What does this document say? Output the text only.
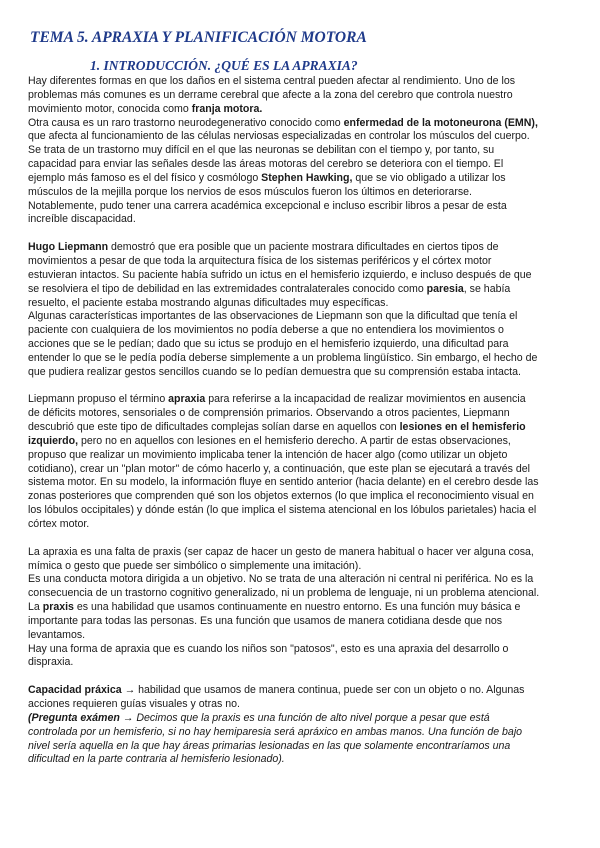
TEMA 5. APRAXIA Y PLANIFICACIÓN MOTORA
1. INTRODUCCIÓN. ¿QUÉ ES LA APRAXIA?

Hay diferentes formas en que los daños en el sistema central pueden afectar al rendimiento. Uno de los problemas más comunes es un derrame cerebral que afecte a la zona del cerebro que controla nuestro movimiento motor, conocida como franja motora.

Otra causa es un raro trastorno neurodegenerativo conocido como enfermedad de la motoneurona (EMN), que afecta al funcionamiento de las células nerviosas especializadas en controlar los músculos del cuerpo. Se trata de un trastorno muy difícil en el que las neuronas se debilitan con el tiempo y, por tanto, su capacidad para enviar las señales desde las áreas motoras del cerebro se deteriora con el tiempo. El ejemplo más famoso es el del físico y cosmólogo Stephen Hawking, que se vio obligado a utilizar los músculos de la mejilla porque los nervios de esos músculos fueron los últimos en deteriorarse. Notablemente, pudo tener una carrera académica excepcional e incluso escribir libros a pesar de esta increíble discapacidad.

Hugo Liepmann demostró que era posible que un paciente mostrara dificultades en ciertos tipos de movimientos a pesar de que toda la arquitectura física de los sistemas periféricos y el córtex motor estuvieran intactos. Su paciente había sufrido un ictus en el hemisferio izquierdo, e incluso después de que se resolviera el tipo de debilidad en las extremidades contralaterales conocido como paresia, se había resuelto, el paciente estaba mostrando algunas dificultades muy específicas.

Algunas características importantes de las observaciones de Liepmann son que la dificultad que tenía el paciente con cualquiera de los movimientos no podía deberse a que no entendiera los movimientos o acciones que se le pedían; dado que su ictus se produjo en el hemisferio izquierdo, una dificultad para entender lo que se le pedía podía deberse simplemente a un problema lingüístico. Sin embargo, el hecho de que pudiera realizar gestos sencillos cuando se lo pedían demuestra que su comprensión estaba intacta.

Liepmann propuso el término apraxia para referirse a la incapacidad de realizar movimientos en ausencia de déficits motores, sensoriales o de comprensión primarios. Observando a otros pacientes, Liepmann descubrió que este tipo de dificultades complejas solían darse en aquellos con lesiones en el hemisferio izquierdo, pero no en aquellos con lesiones en el hemisferio derecho. A partir de estas observaciones, propuso que realizar un movimiento implicaba tener la intención de hacer algo (como utilizar un objeto cotidiano), crear un "plan motor" de cómo hacerlo y, a continuación, que este plan se ejecutará a través del sistema motor. En su modelo, la información fluye en sentido anterior (hacia delante) en el cerebro desde las zonas posteriores que comprenden qué son los objetos externos (lo que implica el reconocimiento visual en los lóbulos occipitales) y dónde están (lo que implica el sistema atencional en los lóbulos parietales) hacia el córtex motor.

La apraxia es una falta de praxis (ser capaz de hacer un gesto de manera habitual o hacer ver alguna cosa, mímica o gesto que puede ser simbólico o simplemente una imitación).

Es una conducta motora dirigida a un objetivo. No se trata de una alteración ni central ni periférica. No es la consecuencia de un trastorno cognitivo generalizado, ni un problema de lenguaje, ni un problema atencional.

La praxis es una habilidad que usamos continuamente en nuestro entorno. Es una función muy básica e importante para todas las personas. Es una función que usamos de manera cotidiana desde que nos levantamos.

Hay una forma de apraxia que es cuando los niños son "patosos", esto es una apraxia del desarrollo o dispraxia.

Capacidad práxica → habilidad que usamos de manera continua, puede ser con un objeto o no. Algunas acciones requieren guías visuales y otras no.

(Pregunta exámen → Decimos que la praxis es una función de alto nivel porque a pesar que está controlada por un hemisferio, si no hay hemiparesia será apráxico en ambas manos. Una función de bajo nivel sería aquella en la que hay áreas primarias lesionadas en las que solamente encontraríamos una dificultad en la parte contraria al hemisferio lesionado).
